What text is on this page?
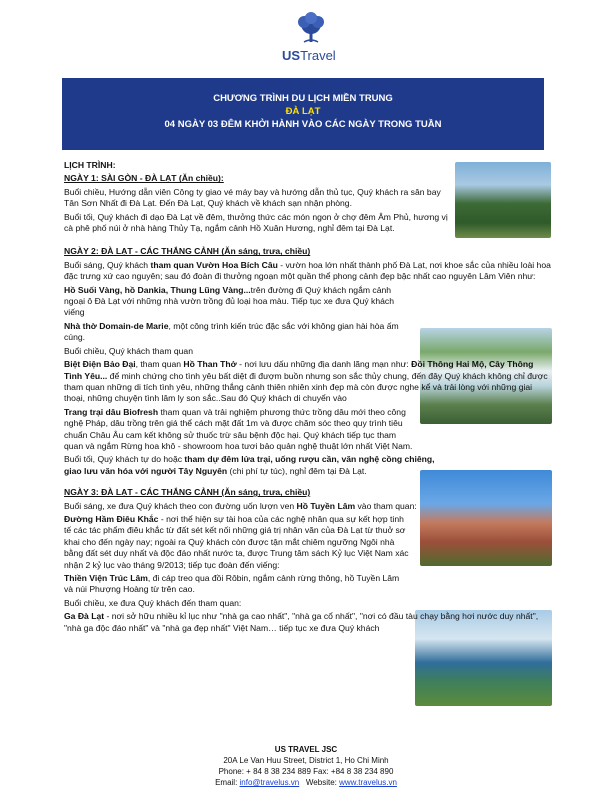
USTravel
CHƯƠNG TRÌNH DU LỊCH MIỀN TRUNG
ĐÀ LẠT
04 NGÀY 03 ĐÊM KHỞI HÀNH VÀO CÁC NGÀY TRONG TUẦN

LỊCH TRÌNH:

NGÀY 1: SÀI GÒN - ĐÀ LẠT (Ăn chiều):

Buổi chiều, Hướng dẫn viên Công ty giao vé máy bay và hướng dẫn thủ tục, Quý khách ra sân bay Tân Sơn Nhất đi Đà Lạt. Đến Đà Lạt, Quý khách về khách sạn nhận phòng.

Buổi tối, Quý khách đi dạo Đà Lạt về đêm, thưởng thức các món ngon ở chợ đêm Âm Phủ, hương vị cà phê phố núi ở nhà hàng Thủy Tạ, ngắm cảnh Hồ Xuân Hương, nghỉ đêm tại Đà Lạt.

NGÀY 2: ĐÀ LẠT - CÁC THẮNG CẢNH (Ăn sáng, trưa, chiều)

Buổi sáng, Quý khách tham quan Vườn Hoa Bích Câu - vườn hoa lớn nhất thành phố Đà Lạt, nơi khoe sắc của nhiều loài hoa đặc trưng xứ cao nguyên; sau đó đoàn đi thưởng ngoạn một quần thể phong cảnh đẹp bậc nhất cao nguyên Lâm Viên như:

Hồ Suối Vàng, hồ Dankia, Thung Lũng Vàng...trên đường đi Quý khách ngắm cảnh ngoại ô Đà Lạt với những nhà vườn trồng đủ loại hoa màu. Tiếp tục xe đưa Quý khách viếng

Nhà thờ Domain-de Marie, một công trình kiến trúc đặc sắc với không gian hài hòa ấm cúng.

Buổi chiều, Quý khách tham quan

Biệt Điện Bảo Đại, tham quan Hồ Than Thở - nơi lưu dấu những địa danh lãng mạn như: Đồi Thông Hai Mộ, Cây Thông Tình Yêu... để minh chứng cho tình yêu bất diệt đi đượm buồn nhưng son sắc thủy chung, đến đây Quý khách không chỉ được tham quan những di tích tình yêu, những thắng cảnh thiên nhiên xinh đẹp mà còn được nghe kể và trải lòng với những giai thoại, những chuyện tình lâm ly son sắc..Sau đó Quý khách di chuyển vào

Trang trại dâu Biofresh tham quan và trải nghiệm phương thức trồng dâu mới theo công nghệ Pháp, dâu trồng trên giá thể cách mặt đất 1m và được chăm sóc theo quy trình tiêu chuẩn Châu Âu cam kết không sử thuốc trừ sâu bệnh độc hại. Quý khách tiếp tục tham quan và ngắm Rừng hoa khô - showroom hoa tươi bảo quản nghệ thuật lớn nhất Việt Nam.

Buổi tối, Quý khách tự do hoặc tham dự đêm lửa trại, uống rượu cần, văn nghệ cồng chiêng, giao lưu văn hóa với người Tây Nguyên (chi phí tự túc), nghỉ đêm tại Đà Lạt.

NGÀY 3: ĐÀ LẠT - CÁC THẮNG CẢNH (Ăn sáng, trưa, chiều)

Buổi sáng, xe đưa Quý khách theo con đường uốn lượn ven Hồ Tuyền Lâm vào tham quan:

Đường Hầm Điêu Khắc - nơi thể hiện sự tài hoa của các nghệ nhân qua sự kết hợp tinh tế các tác phẩm điêu khắc từ đất sét kết nối những giá trị nhân văn của Đà Lạt từ thuở sơ khai cho đến ngày nay; ngoài ra Quý khách còn được tận mắt chiêm ngưỡng Ngôi nhà bằng đất sét duy nhất và độc đáo nhất nước ta, được Trung tâm sách Kỷ lục Việt Nam xác nhận 2 kỷ lục vào tháng 9/2013; tiếp tục đoàn đến viếng:

Thiền Viện Trúc Lâm, đi cáp treo qua đồi Rôbin, ngắm cảnh rừng thông, hồ Tuyền Lâm và núi Phượng Hoàng từ trên cao.

Buổi chiều, xe đưa Quý khách đến tham quan:

Ga Đà Lạt - nơi sở hữu nhiều kỉ lục như "nhà ga cao nhất", "nhà ga cổ nhất", "nơi có đầu tàu chạy bằng hơi nước duy nhất", "nhà ga độc đáo nhất" và "nhà ga đẹp nhất" Việt Nam… tiếp tục xe đưa Quý khách

US TRAVEL JSC
20A Le Van Huu Street, District 1, Ho Chi Minh
Phone: + 84 8 38 234 889 Fax: +84 8 38 234 890
Email: info@travelus.vn   Website: www.travelus.vn
